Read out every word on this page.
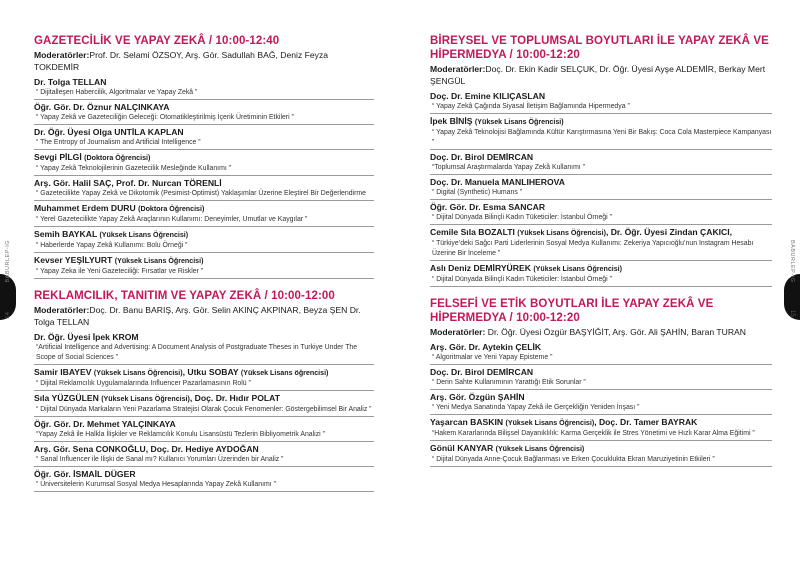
BABURLEP-IG
14
GAZETECİLİK VE YAPAY ZEKÂ / 10:00-12:40
Moderatörler:Prof. Dr. Selami ÖZSOY, Arş. Gör. Sadullah BAĞ, Deniz Feyza TOKDEMİR
Dr. Tolga TELLAN
“ Dijitalleşen Habercilik, Algoritmalar ve Yapay Zekâ ”
Öğr. Gör. Dr. Öznur NALÇINKAYA
“ Yapay Zekâ ve Gazeteciliğin Geleceği: Otomatikleştirilmiş İçerik Üretiminin Etkileri ”
Dr. Öğr. Üyesi Olga UNTİLA KAPLAN
“ The Entropy of Journalism and Artificial Intelligence ”
Sevgi PİLGİ (Doktora Öğrencisi)
“ Yapay Zekâ Teknolojilerinin Gazetecilik Mesleğinde Kullanımı ”
Arş. Gör. Halil SAÇ, Prof. Dr. Nurcan TÖRENLİ
“ Gazetecilikte Yapay Zekâ ve Dikotomik (Pesimist-Optimist) Yaklaşımlar Üzerine Eleştirel Bir Değerlendirme
Muhammet Erdem DURU (Doktora Öğrencisi)
“ Yerel Gazetecilikte Yapay Zekâ Araçlarının Kullanımı: Deneyimler, Umutlar ve Kaygılar ”
Semih BAYKAL (Yüksek Lisans Öğrencisi)
“ Haberlerde Yapay Zekâ Kullanımı: Bolu Örneği ”
Kevser YEŞİLYURT (Yüksek Lisans Öğrencisi)
“ Yapay Zeka ile Yeni Gazeteciliği: Fırsatlar ve Riskler ”
REKLAMCILIK, TANITIM VE YAPAY ZEKÂ / 10:00-12:00
Moderatörler:Doç. Dr. Banu BARIŞ, Arş. Gör. Selin AKINÇ AKPINAR, Beyza ŞEN Dr. Tolga TELLAN
Dr. Öğr. Üyesi İpek KROM
“Artificial Intelligence and Advertising: A Document Analysis of Postgraduate Theses in Turkiye Under The Scope of Social Sciences ”
Samir IBAYEV (Yüksek Lisans Öğrencisi), Utku SOBAY (Yüksek Lisans öğrencisi)
“ Dijital Reklamcılık Uygulamalarında Influencer Pazarlamasının Rolü ”
Sıla YÜZGÜLEN (Yüksek Lisans Öğrencisi), Doç. Dr. Hıdır POLAT
“ Dijital Dünyada Markaların Yeni Pazarlama Stratejisi Olarak Çocuk Fenomenler: Göstergebilimsel Bir Analiz ”
Öğr. Gör. Dr. Mehmet YALÇINKAYA
“Yapay Zekâ ile Halkla İlişkiler ve Reklamcılık Konulu Lisansüstü Tezlerin Bibliyometrik Analizi ”
Arş. Gör. Sena CONKOĞLU, Doç. Dr. Hediye AYDOĞAN
“ Sanal Influencer ile İlişki de Sanal mı? Kullanıcı Yorumları Üzerinden bir Analiz ”
Öğr. Gör. İSMAİL DÜGER
“ Üniversitelerin Kurumsal Sosyal Medya Hesaplarında Yapay Zekâ Kullanımı ”
BABURLEP-IG
15
BİREYSEL VE TOPLUMSAL BOYUTLARI İLE YAPAY ZEKÂ VE HİPERMEDYA / 10:00-12:20
Moderatörler:Doç. Dr. Ekin Kadir SELÇUK, Dr. Öğr. Üyesi Ayşe ALDEMİR, Berkay Mert ŞENGÜL
Doç. Dr. Emine KILIÇASLAN
“ Yapay Zekâ Çağında Siyasal İletişim Bağlamında Hipermedya ”
İpek BİNİŞ (Yüksek Lisans Öğrencisi)
“ Yapay Zekâ Teknolojisi Bağlamında Kültür Karıştırmasına Yeni Bir Bakış: Coca Cola Masterpiece Kampanyası ”
Doç. Dr. Birol DEMİRCAN
“Toplumsal Araştırmalarda Yapay Zekâ Kullanımı ”
Doç. Dr. Manuela MANLIHEROVA
“ Digital (Synthetic) Humans ”
Öğr. Gör. Dr. Esma SANCAR
“ Dijital Dünyada Bilinçli Kadın Tüketiciler: İstanbul Örneği ”
Cemile Sıla BOZALTI (Yüksek Lisans Öğrencisi), Dr. Öğr. Üyesi Zindan ÇAKICI,
“ Türkiye’deki Sağcı Parti Liderlerinin Sosyal Medya Kullanımı: Zekeriya Yapıcıoğlu’nun Instagram Hesabı Üzerine Bir İnceleme ”
Aslı Deniz DEMİRYÜREK (Yüksek Lisans Öğrencisi)
“ Dijital Dünyada Bilinçli Kadın Tüketiciler: İstanbul Örneği ”
FELSEFİ VE ETİK BOYUTLARI İLE YAPAY ZEKÂ VE HİPERMEDYA / 10:00-12:20
Moderatörler: Dr. Öğr. Üyesi Özgür BAŞYİĞİT, Arş. Gör. Ali ŞAHİN, Baran TURAN
Arş. Gör. Dr. Aytekin ÇELİK
“ Algoritmalar ve Yeni Yapay Episteme ”
Doç. Dr. Birol DEMİRCAN
“ Derin Sahte Kullanımının Yarattığı Etik Sorunlar ”
Arş. Gör. Özgün ŞAHİN
“ Yeni Medya Sanatında Yapay Zekâ ile Gerçekliğin Yeniden İnşası ”
Yaşarcan BASKIN (Yüksek Lisans Öğrencisi), Doç. Dr. Tamer BAYRAK
“Hakem Kararlarında Bilişsel Dayanıklılık: Karma Gerçeklik ile Stres Yönetimi ve Hızlı Karar Alma Eğitimi ”
Gönül KANYAR (Yüksek Lisans Öğrencisi)
“ Dijital Dünyada Anne-Çocuk Bağlanması ve Erken Çocuklukta Ekran Maruziyetinin Etkileri ”
